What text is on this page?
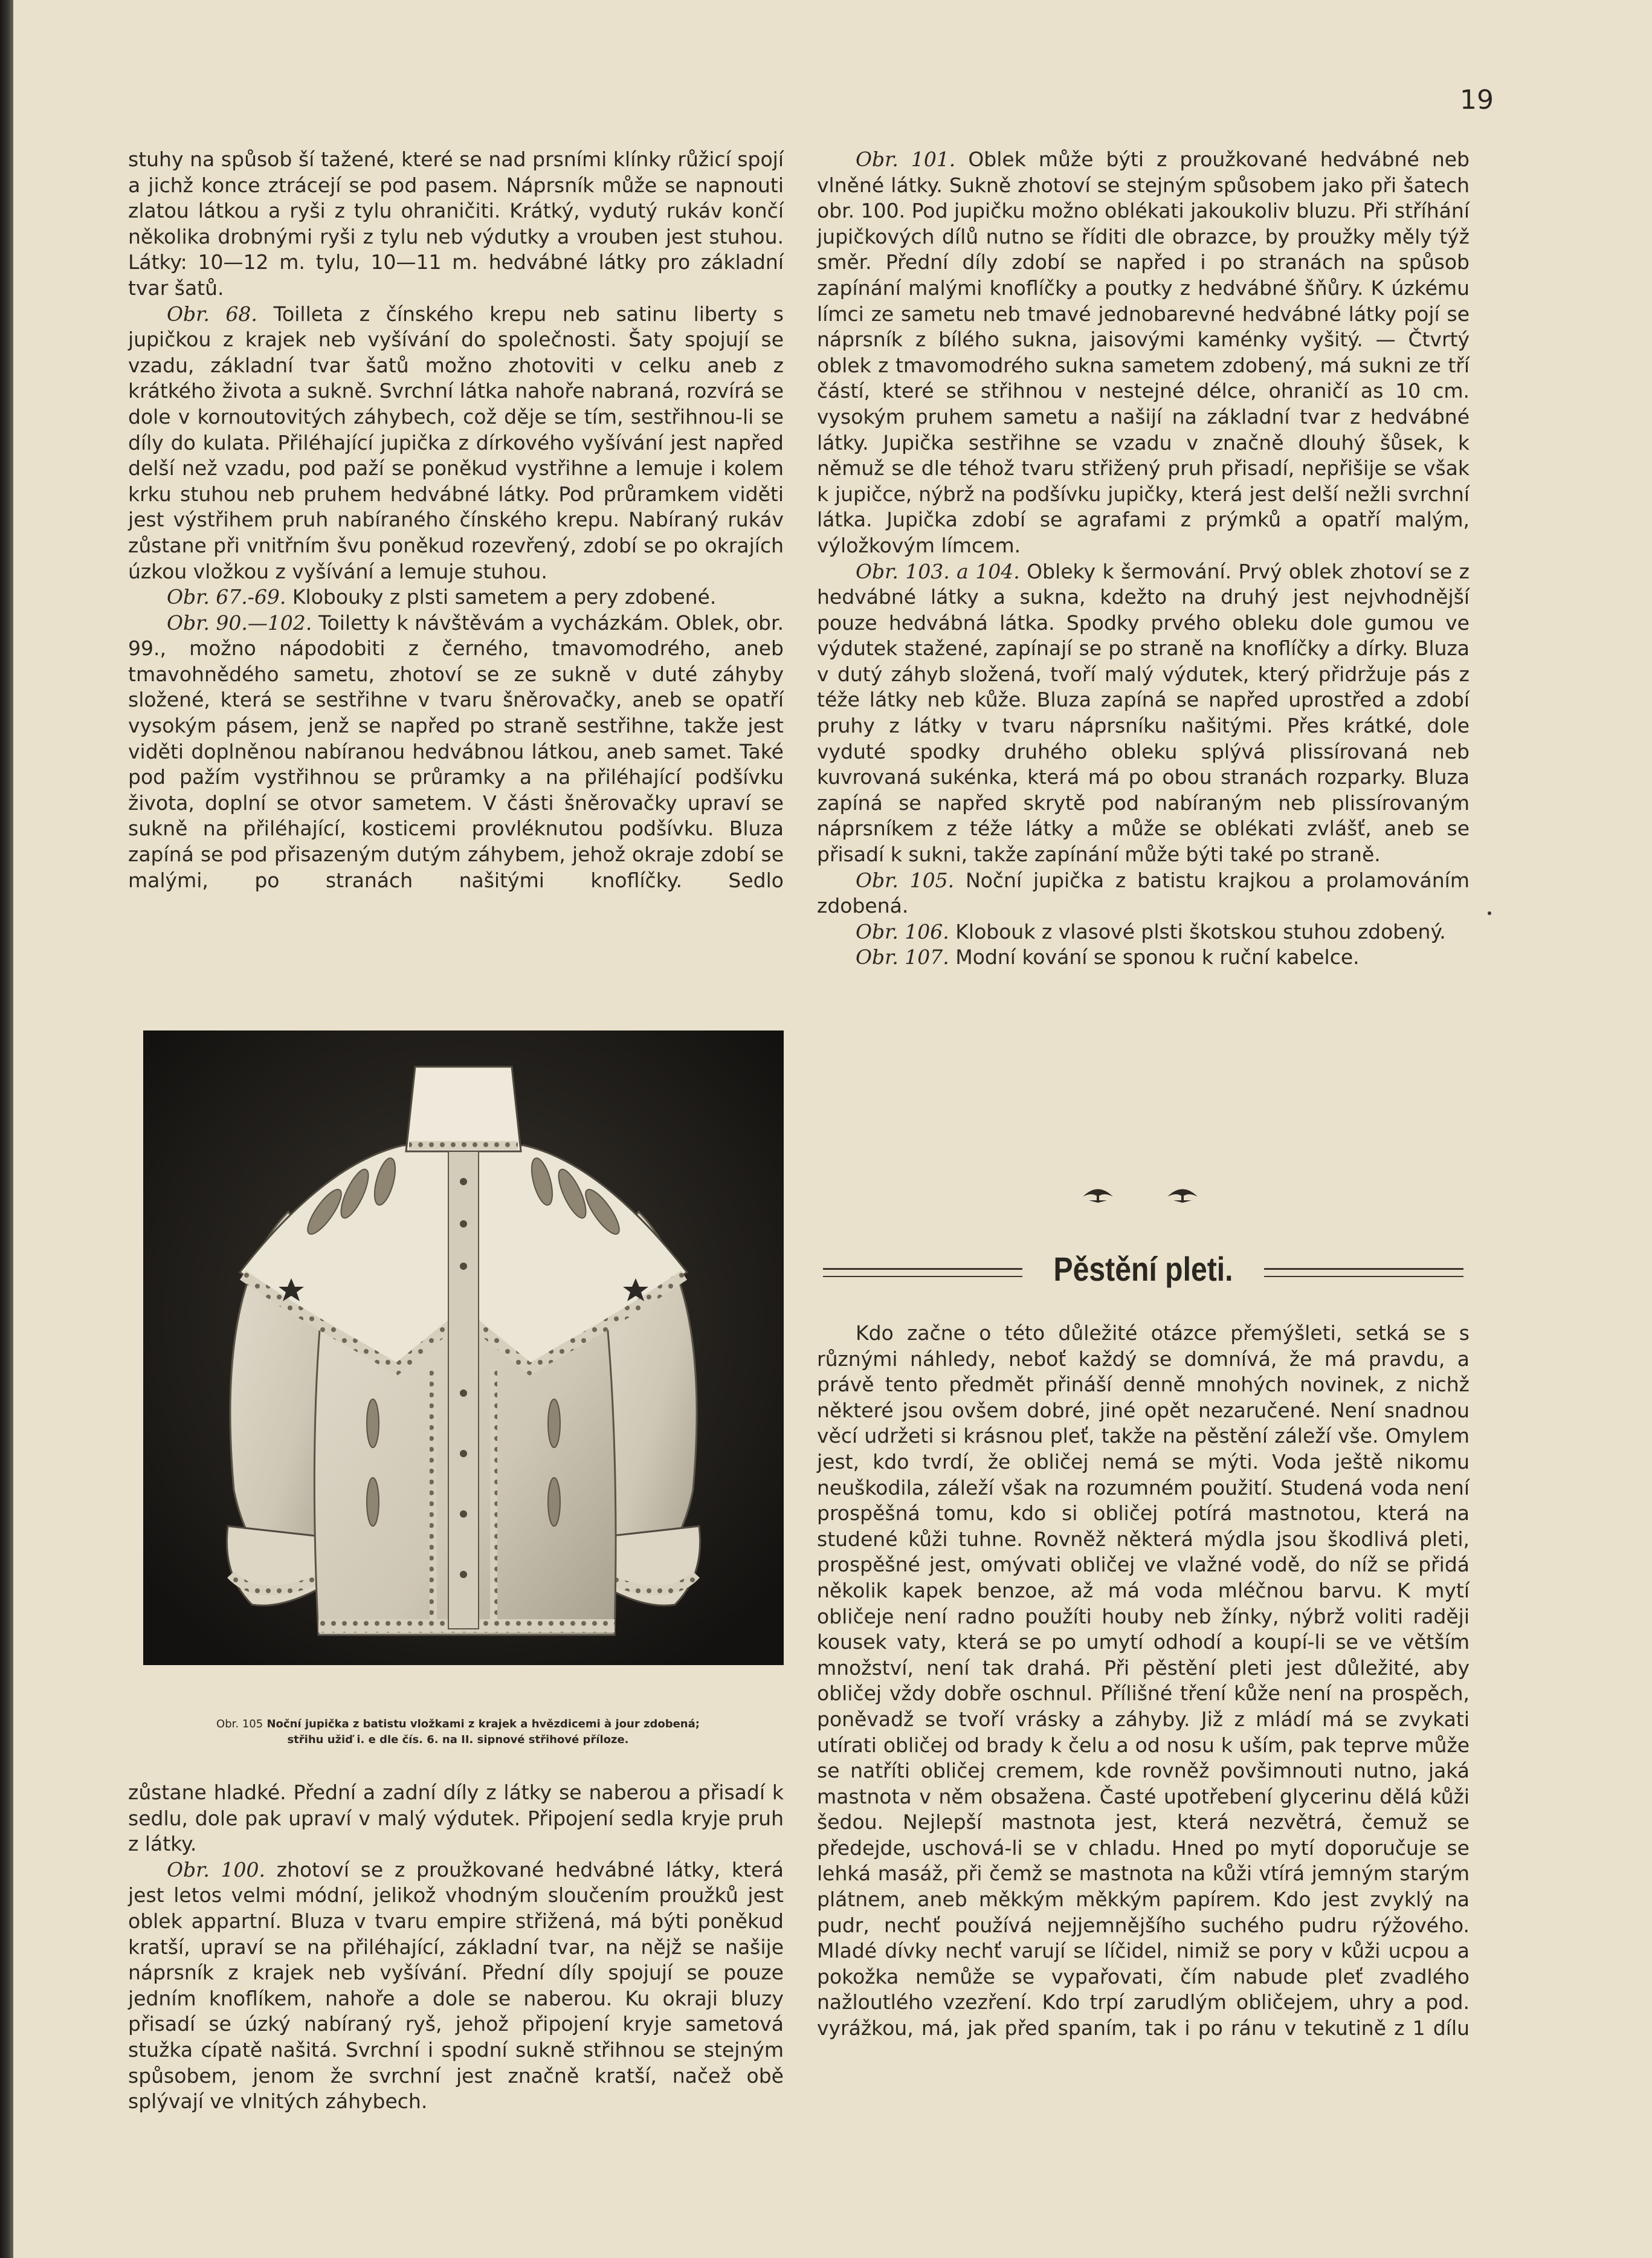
19

stuhy na spůsob ší tažené, které se nad prsními klínky růžicí spojí a jichž konce ztrácejí se pod pasem. Náprsník může se napnouti zlatou látkou a ryši z tylu ohraničiti. Krátký, vydutý rukáv končí několika drobnými ryši z tylu neb výdutky a vrouben jest stuhou. Látky: 10—12 m. tylu, 10—11 m. hedvábné látky pro základní tvar šatů.

Obr. 68. Toilleta z čínského krepu neb satinu liberty s jupičkou z krajek neb vyšívání do společnosti. Šaty spojují se vzadu, základní tvar šatů možno zhotoviti v celku aneb z krátkého života a sukně. Svrchní látka nahoře nabraná, rozvírá se dole v kornoutovitých záhybech, což děje se tím, sestřihnou-li se díly do kulata. Přiléhající jupička z dírkového vyšívání jest napřed delší než vzadu, pod paží se poněkud vystřihne a lemuje i kolem krku stuhou neb pruhem hedvábné látky. Pod průramkem viděti jest výstřihem pruh nabíraného čínského krepu. Nabíraný rukáv zůstane při vnitřním švu poněkud rozevřený, zdobí se po okrajích úzkou vložkou z vyšívání a lemuje stuhou.

Obr. 67.-69. Klobouky z plsti sametem a pery zdobené.

Obr. 90.—102. Toiletty k návštěvám a vycházkám. Oblek, obr. 99., možno nápodobiti z černého, tmavomodrého, aneb tmavohnědého sametu, zhotoví se ze sukně v duté záhyby složené, která se sestřihne v tvaru šněrovačky, aneb se opatří vysokým pásem, jenž se napřed po straně sestřihne, takže jest viděti doplněnou nabíranou hedvábnou látkou, aneb samet. Také pod pažím vystřihnou se průramky a na přiléhající podšívku života, doplní se otvor sametem. V části šněrovačky upraví se sukně na přiléhající, kosticemi provléknutou podšívku. Bluza zapíná se pod přisazeným dutým záhybem, jehož okraje zdobí se malými, po stranách našitými knoflíčky. Sedlo

Obr. 105 Noční jupička z batistu vložkami z krajek a hvězdicemi à jour zdobená;
střihu užiď i. e dle čís. 6. na II. sipnové střihové příloze.

zůstane hladké. Přední a zadní díly z látky se naberou a přisadí k sedlu, dole pak upraví v malý výdutek. Připojení sedla kryje pruh z látky.

Obr. 100. zhotoví se z proužkované hedvábné látky, která jest letos velmi módní, jelikož vhodným sloučením proužků jest oblek appartní. Bluza v tvaru empire střižená, má býti poněkud kratší, upraví se na přiléhající, základní tvar, na nějž se našije náprsník z krajek neb vyšívání. Přední díly spojují se pouze jedním knoflíkem, nahoře a dole se naberou. Ku okraji bluzy přisadí se úzký nabíraný ryš, jehož připojení kryje sametová stužka cípatě našitá. Svrchní i spodní sukně střihnou se stejným spůsobem, jenom že svrchní jest značně kratší, načež obě splývají ve vlnitých záhybech.

Obr. 101. Oblek může býti z proužkované hedvábné neb vlněné látky. Sukně zhotoví se stejným spůsobem jako při šatech obr. 100. Pod jupičku možno oblékati jakoukoliv bluzu. Při stříhání jupičkových dílů nutno se říditi dle obrazce, by proužky měly týž směr. Přední díly zdobí se napřed i po stranách na spůsob zapínání malými knoflíčky a poutky z hedvábné šňůry. K úzkému límci ze sametu neb tmavé jednobarevné hedvábné látky pojí se náprsník z bílého sukna, jaisovými kaménky vyšitý. — Čtvrtý oblek z tmavomodrého sukna sametem zdobený, má sukni ze tří částí, které se střihnou v nestejné délce, ohraničí as 10 cm. vysokým pruhem sametu a našijí na základní tvar z hedvábné látky. Jupička sestřihne se vzadu v značně dlouhý šůsek, k němuž se dle téhož tvaru střižený pruh přisadí, nepřišije se však k jupičce, nýbrž na podšívku jupičky, která jest delší nežli svrchní látka. Jupička zdobí se agrafami z prýmků a opatří malým, výložkovým límcem.

Obr. 103. a 104. Obleky k šermování. Prvý oblek zhotoví se z hedvábné látky a sukna, kdežto na druhý jest nejvhodnější pouze hedvábná látka. Spodky prvého obleku dole gumou ve výdutek stažené, zapínají se po straně na knoflíčky a dírky. Bluza v dutý záhyb složená, tvoří malý výdutek, který přidržuje pás z téže látky neb kůže. Bluza zapíná se napřed uprostřed a zdobí pruhy z látky v tvaru náprsníku našitými. Přes krátké, dole vyduté spodky druhého obleku splývá plissírovaná neb kuvrovaná sukénka, která má po obou stranách rozparky. Bluza zapíná se napřed skrytě pod nabíraným neb plissírovaným náprsníkem z téže látky a může se oblékati zvlášť, aneb se přisadí k sukni, takže zapínání může býti také po straně.

Obr. 105. Noční jupička z batistu krajkou a prolamováním zdobená.

Obr. 106. Klobouk z vlasové plsti škotskou stuhou zdobený.

Obr. 107. Modní kování se sponou k ruční kabelce.

Pěstění pleti.

Kdo začne o této důležité otázce přemýšleti, setká se s různými náhledy, neboť každý se domnívá, že má pravdu, a právě tento předmět přináší denně mnohých novinek, z nichž některé jsou ovšem dobré, jiné opět nezaručené. Není snadnou věcí udržeti si krásnou pleť, takže na pěstění záleží vše. Omylem jest, kdo tvrdí, že obličej nemá se mýti. Voda ještě nikomu neuškodila, záleží však na rozumném použití. Studená voda není prospěšná tomu, kdo si obličej potírá mastnotou, která na studené kůži tuhne. Rovněž některá mýdla jsou škodlivá pleti, prospěšné jest, omývati obličej ve vlažné vodě, do níž se přidá několik kapek benzoe, až má voda mléčnou barvu. K mytí obličeje není radno použíti houby neb žínky, nýbrž voliti raději kousek vaty, která se po umytí odhodí a koupí-li se ve větším množství, není tak drahá. Při pěstění pleti jest důležité, aby obličej vždy dobře oschnul. Přílišné tření kůže není na prospěch, poněvadž se tvoří vrásky a záhyby. Již z mládí má se zvykati utírati obličej od brady k čelu a od nosu k uším, pak teprve může se natříti obličej cremem, kde rovněž povšimnouti nutno, jaká mastnota v něm obsažena. Časté upotřebení glycerinu dělá kůži šedou. Nejlepší mastnota jest, která nezvětrá, čemuž se předejde, uschová-li se v chladu. Hned po mytí doporučuje se lehká masáž, při čemž se mastnota na kůži vtírá jemným starým plátnem, aneb měkkým měkkým papírem. Kdo jest zvyklý na pudr, nechť používá nejjemnějšího suchého pudru rýžového. Mladé dívky nechť varují se líčidel, nimiž se pory v kůži ucpou a pokožka nemůže se vypařovati, čím nabude pleť zvadlého nažloutlého vzezření. Kdo trpí zarudlým obličejem, uhry a pod. vyrážkou, má, jak před spaním, tak i po ránu v tekutině z 1 dílu
